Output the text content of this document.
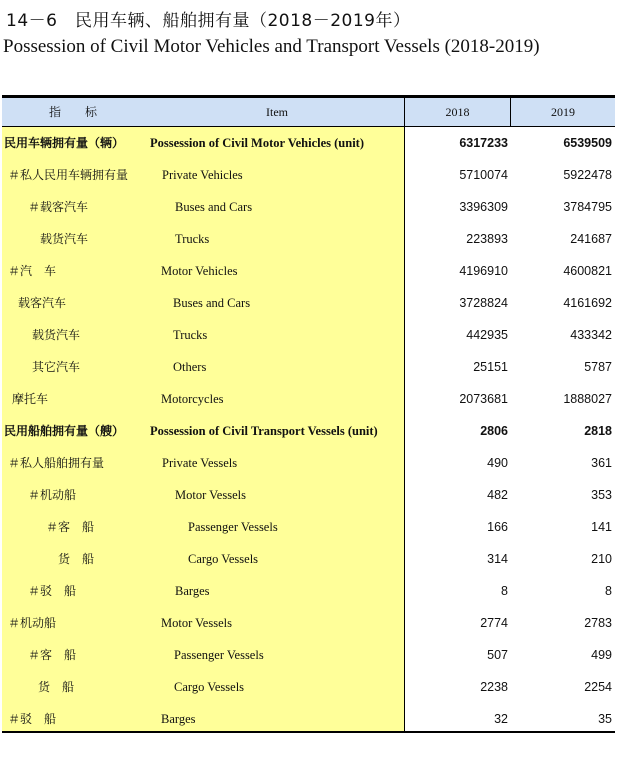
14－6　民用车辆、船舶拥有量（2018－2019年）
Possession of Civil Motor Vehicles and Transport Vessels (2018-2019)
指　标	Item	2018	2019
民用车辆拥有量（辆） Possession of Civil Motor Vehicles (unit)	6317233	6539509
＃私人民用车辆拥有量	Private Vehicles	5710074	5922478
＃载客汽车	Buses and Cars	3396309	3784795
载货汽车	Trucks	223893	241687
＃汽　车	Motor Vehicles	4196910	4600821
载客汽车	Buses and Cars	3728824	4161692
载货汽车	Trucks	442935	433342
其它汽车	Others	25151	5787
摩托车	Motorcycles	2073681	1888027
民用船舶拥有量（艘） Possession of Civil Transport Vessels (unit)	2806	2818
＃私人船舶拥有量	Private Vessels	490	361
＃机动船	Motor Vessels	482	353
＃客　船	Passenger Vessels	166	141
货　船	Cargo Vessels	314	210
＃驳　船	Barges	8	8
＃机动船	Motor Vessels	2774	2783
＃客　船	Passenger Vessels	507	499
货　船	Cargo Vessels	2238	2254
＃驳　船	Barges	32	35
